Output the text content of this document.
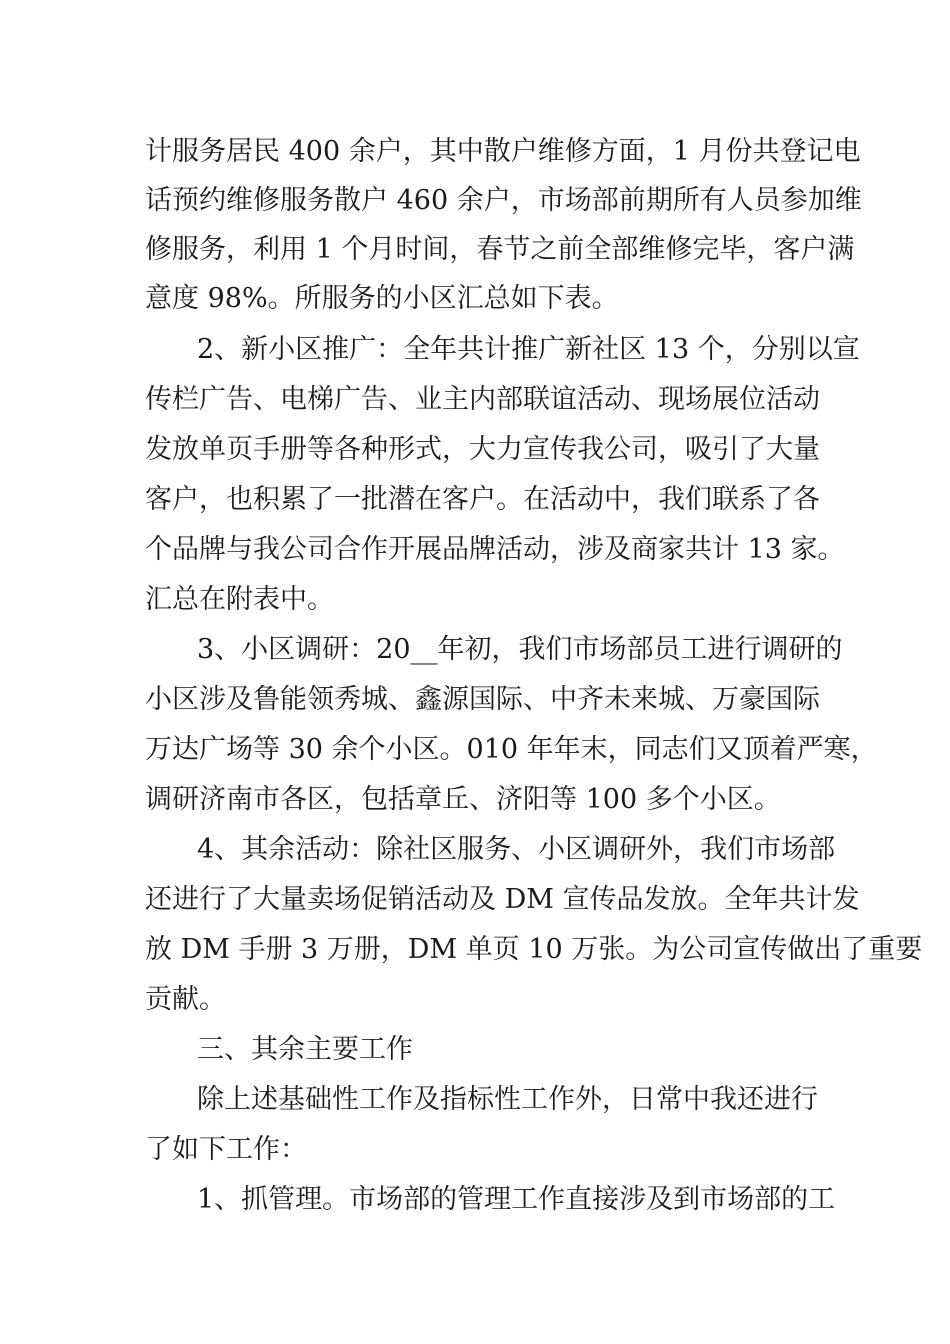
计服务居民 400 余户，其中散户维修方面，1 月份共登记电
话预约维修服务散户 460 余户，市场部前期所有人员参加维
修服务，利用 1 个月时间，春节之前全部维修完毕，客户满
意度 98%。所服务的小区汇总如下表。
2、新小区推广：全年共计推广新社区 13 个，分别以宣
传栏广告、电梯广告、业主内部联谊活动、现场展位活动
发放单页手册等各种形式，大力宣传我公司，吸引了大量
客户，也积累了一批潜在客户。在活动中，我们联系了各
个品牌与我公司合作开展品牌活动，涉及商家共计 13 家。
汇总在附表中。
3、小区调研：20__年初，我们市场部员工进行调研的
小区涉及鲁能领秀城、鑫源国际、中齐未来城、万豪国际
万达广场等 30 余个小区。010 年年末，同志们又顶着严寒，
调研济南市各区，包括章丘、济阳等 100 多个小区。
4、其余活动：除社区服务、小区调研外，我们市场部
还进行了大量卖场促销活动及 DM 宣传品发放。全年共计发
放 DM 手册 3 万册，DM 单页 10 万张。为公司宣传做出了重要
贡献。
三、其余主要工作
除上述基础性工作及指标性工作外，日常中我还进行
了如下工作：
1、抓管理。市场部的管理工作直接涉及到市场部的工
